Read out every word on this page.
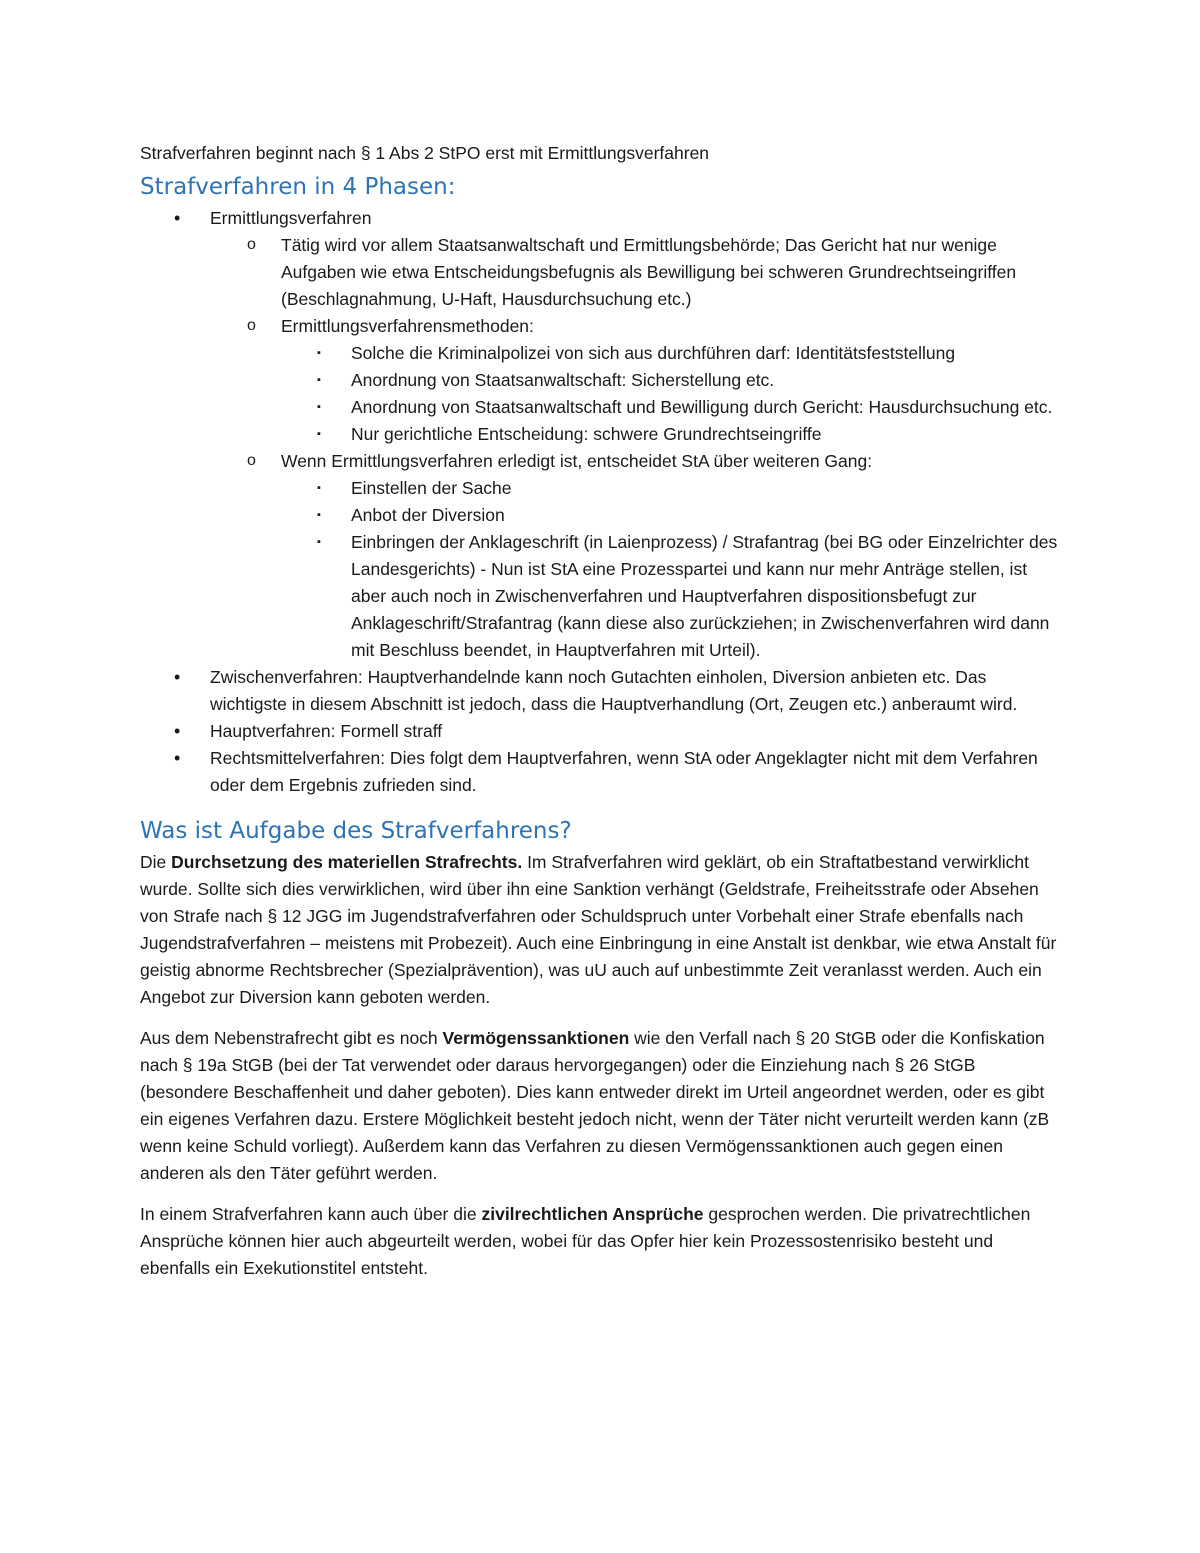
Strafverfahren beginnt nach § 1 Abs 2 StPO erst mit Ermittlungsverfahren

Strafverfahren in 4 Phasen:
• Ermittlungsverfahren
o Tätig wird vor allem Staatsanwaltschaft und Ermittlungsbehörde; Das Gericht hat nur wenige Aufgaben wie etwa Entscheidungsbefugnis als Bewilligung bei schweren Grundrechtseingriffen (Beschlagnahmung, U-Haft, Hausdurchsuchung etc.)
o Ermittlungsverfahrensmethoden:
▪ Solche die Kriminalpolizei von sich aus durchführen darf: Identitätsfeststellung
▪ Anordnung von Staatsanwaltschaft: Sicherstellung etc.
▪ Anordnung von Staatsanwaltschaft und Bewilligung durch Gericht: Hausdurchsuchung etc.
▪ Nur gerichtliche Entscheidung: schwere Grundrechtseingriffe
o Wenn Ermittlungsverfahren erledigt ist, entscheidet StA über weiteren Gang:
▪ Einstellen der Sache
▪ Anbot der Diversion
▪ Einbringen der Anklageschrift (in Laienprozess) / Strafantrag (bei BG oder Einzelrichter des Landesgerichts) - Nun ist StA eine Prozesspartei und kann nur mehr Anträge stellen, ist aber auch noch in Zwischenverfahren und Hauptverfahren dispositionsbefugt zur Anklageschrift/Strafantrag (kann diese also zurückziehen; in Zwischenverfahren wird dann mit Beschluss beendet, in Hauptverfahren mit Urteil).
• Zwischenverfahren: Hauptverhandelnde kann noch Gutachten einholen, Diversion anbieten etc. Das wichtigste in diesem Abschnitt ist jedoch, dass die Hauptverhandlung (Ort, Zeugen etc.) anberaumt wird.
• Hauptverfahren: Formell straff
• Rechtsmittelverfahren: Dies folgt dem Hauptverfahren, wenn StA oder Angeklagter nicht mit dem Verfahren oder dem Ergebnis zufrieden sind.
Was ist Aufgabe des Strafverfahrens?

Die Durchsetzung des materiellen Strafrechts. Im Strafverfahren wird geklärt, ob ein Straftatbestand verwirklicht wurde. Sollte sich dies verwirklichen, wird über ihn eine Sanktion verhängt (Geldstrafe, Freiheitsstrafe oder Absehen von Strafe nach § 12 JGG im Jugendstrafverfahren oder Schuldspruch unter Vorbehalt einer Strafe ebenfalls nach Jugendstrafverfahren – meistens mit Probezeit). Auch eine Einbringung in eine Anstalt ist denkbar, wie etwa Anstalt für geistig abnorme Rechtsbrecher (Spezialprävention), was uU auch auf unbestimmte Zeit veranlasst werden. Auch ein Angebot zur Diversion kann geboten werden.

Aus dem Nebenstrafrecht gibt es noch Vermögenssanktionen wie den Verfall nach § 20 StGB oder die Konfiskation nach § 19a StGB (bei der Tat verwendet oder daraus hervorgegangen) oder die Einziehung nach § 26 StGB (besondere Beschaffenheit und daher geboten). Dies kann entweder direkt im Urteil angeordnet werden, oder es gibt ein eigenes Verfahren dazu. Erstere Möglichkeit besteht jedoch nicht, wenn der Täter nicht verurteilt werden kann (zB wenn keine Schuld vorliegt). Außerdem kann das Verfahren zu diesen Vermögenssanktionen auch gegen einen anderen als den Täter geführt werden.

In einem Strafverfahren kann auch über die zivilrechtlichen Ansprüche gesprochen werden. Die privatrechtlichen Ansprüche können hier auch abgeurteilt werden, wobei für das Opfer hier kein Prozessostenrisiko besteht und ebenfalls ein Exekutionstitel entsteht.
